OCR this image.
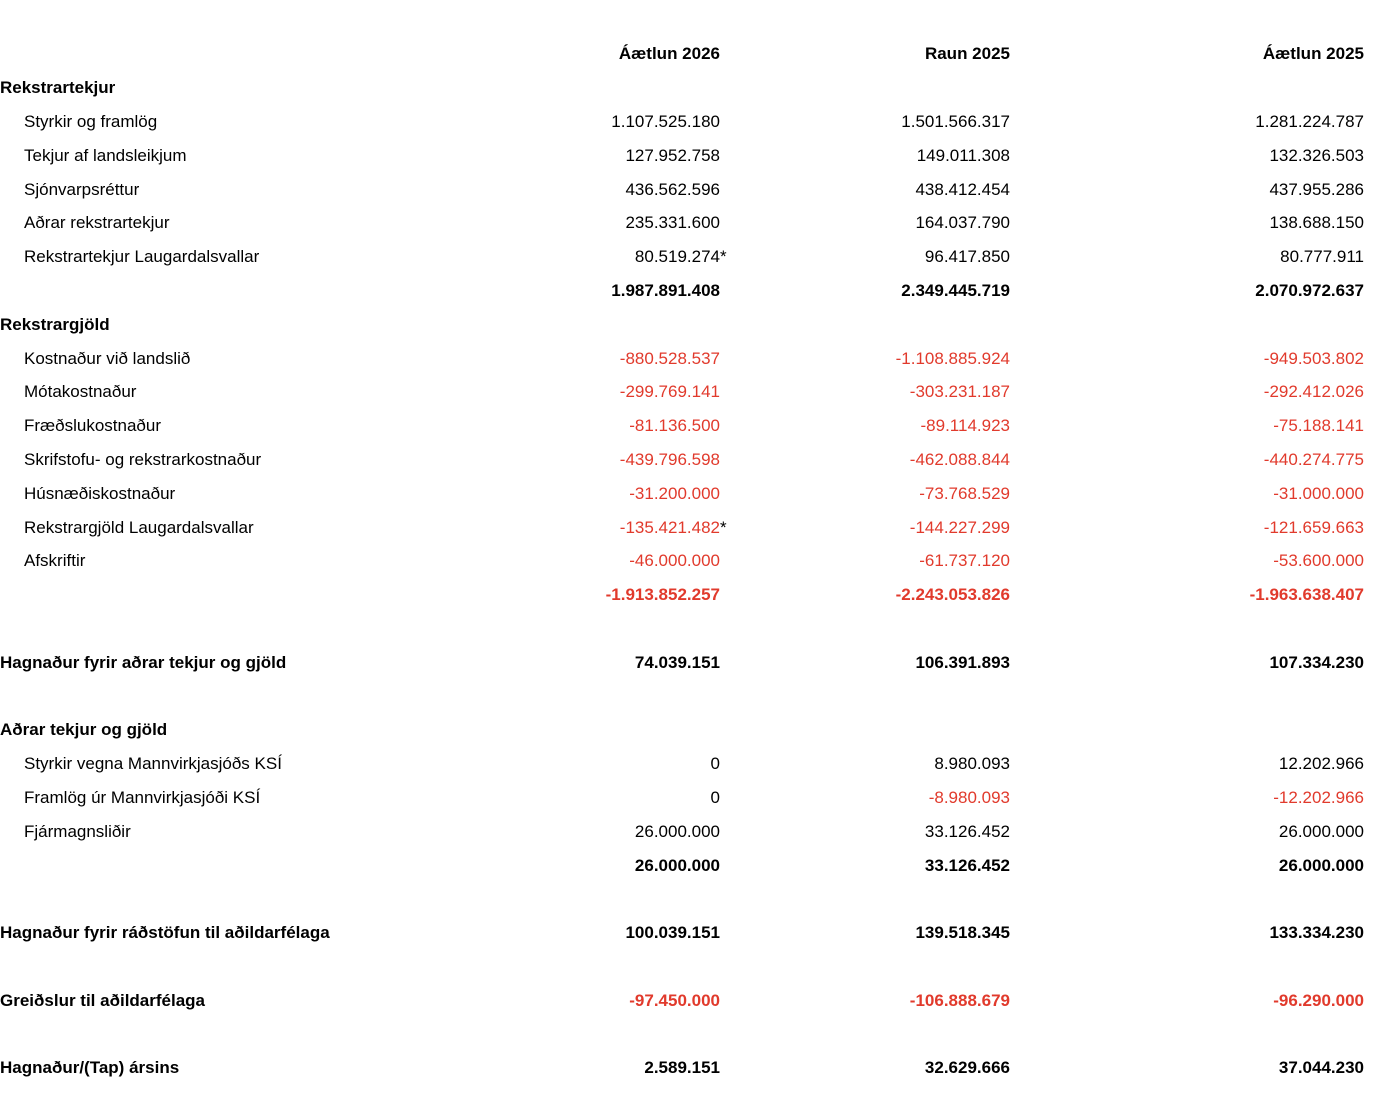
	Áætlun 2026		Raun 2025	Áætlun 2025	
Rekstrartekjur					
Styrkir og framlög	1.107.525.180		1.501.566.317	1.281.224.787	
Tekjur af landsleikjum	127.952.758		149.011.308	132.326.503	
Sjónvarpsréttur	436.562.596		438.412.454	437.955.286	
Aðrar rekstrartekjur	235.331.600		164.037.790	138.688.150	
Rekstrartekjur Laugardalsvallar	80.519.274	*	96.417.850	80.777.911	
	1.987.891.408		2.349.445.719	2.070.972.637	
Rekstrargjöld					
Kostnaður við landslið	-880.528.537		-1.108.885.924	-949.503.802	
Mótakostnaður	-299.769.141		-303.231.187	-292.412.026	
Fræðslukostnaður	-81.136.500		-89.114.923	-75.188.141	
Skrifstofu- og rekstrarkostnaður	-439.796.598		-462.088.844	-440.274.775	
Húsnæðiskostnaður	-31.200.000		-73.768.529	-31.000.000	
Rekstrargjöld Laugardalsvallar	-135.421.482	*	-144.227.299	-121.659.663	
Afskriftir	-46.000.000		-61.737.120	-53.600.000	
	-1.913.852.257		-2.243.053.826	-1.963.638.407	

Hagnaður fyrir aðrar tekjur og gjöld	74.039.151		106.391.893	107.334.230	

Aðrar tekjur og gjöld					
Styrkir vegna Mannvirkjasjóðs KSÍ	0		8.980.093	12.202.966	
Framlög úr Mannvirkjasjóði KSÍ	0		-8.980.093	-12.202.966	
Fjármagnsliðir	26.000.000		33.126.452	26.000.000	
	26.000.000		33.126.452	26.000.000	

Hagnaður fyrir ráðstöfun til aðildarfélaga	100.039.151		139.518.345	133.334.230	

Greiðslur til aðildarfélaga	-97.450.000		-106.888.679	-96.290.000	

Hagnaður/(Tap) ársins	2.589.151		32.629.666	37.044.230	
